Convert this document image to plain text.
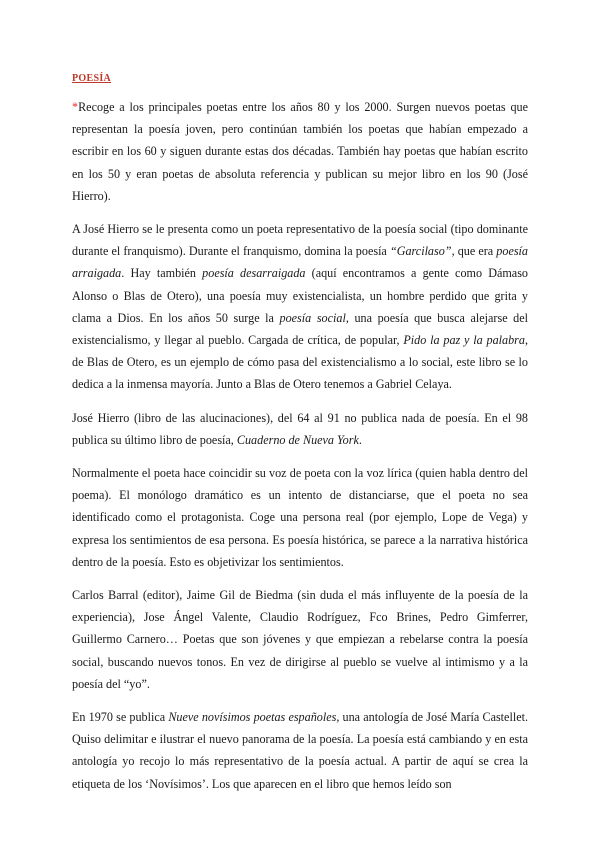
POESÍA

*Recoge a los principales poetas entre los años 80 y los 2000. Surgen nuevos poetas que representan la poesía joven, pero continúan también los poetas que habían empezado a escribir en los 60 y siguen durante estas dos décadas. También hay poetas que habían escrito en los 50 y eran poetas de absoluta referencia y publican su mejor libro en los 90 (José Hierro).

A José Hierro se le presenta como un poeta representativo de la poesía social (tipo dominante durante el franquismo). Durante el franquismo, domina la poesía “Garcilaso”, que era poesía arraigada. Hay también poesía desarraigada (aquí encontramos a gente como Dámaso Alonso o Blas de Otero), una poesía muy existencialista, un hombre perdido que grita y clama a Dios. En los años 50 surge la poesía social, una poesía que busca alejarse del existencialismo, y llegar al pueblo. Cargada de crítica, de popular, Pido la paz y la palabra, de Blas de Otero, es un ejemplo de cómo pasa del existencialismo a lo social, este libro se lo dedica a la inmensa mayoría. Junto a Blas de Otero tenemos a Gabriel Celaya.

José Hierro (libro de las alucinaciones), del 64 al 91 no publica nada de poesía. En el 98 publica su último libro de poesía, Cuaderno de Nueva York.

Normalmente el poeta hace coincidir su voz de poeta con la voz lírica (quien habla dentro del poema). El monólogo dramático es un intento de distanciarse, que el poeta no sea identificado como el protagonista. Coge una persona real (por ejemplo, Lope de Vega) y expresa los sentimientos de esa persona. Es poesía histórica, se parece a la narrativa histórica dentro de la poesía. Esto es objetivizar los sentimientos.

Carlos Barral (editor), Jaime Gil de Biedma (sin duda el más influyente de la poesía de la experiencia), Jose Ángel Valente, Claudio Rodríguez, Fco Brines, Pedro Gimferrer, Guillermo Carnero… Poetas que son jóvenes y que empiezan a rebelarse contra la poesía social, buscando nuevos tonos. En vez de dirigirse al pueblo se vuelve al intimismo y a la poesía del “yo”.

En 1970 se publica Nueve novísimos poetas españoles, una antología de José María Castellet. Quiso delimitar e ilustrar el nuevo panorama de la poesía. La poesía está cambiando y en esta antología yo recojo lo más representativo de la poesía actual. A partir de aquí se crea la etiqueta de los ‘Novísimos’. Los que aparecen en el libro que hemos leído son
